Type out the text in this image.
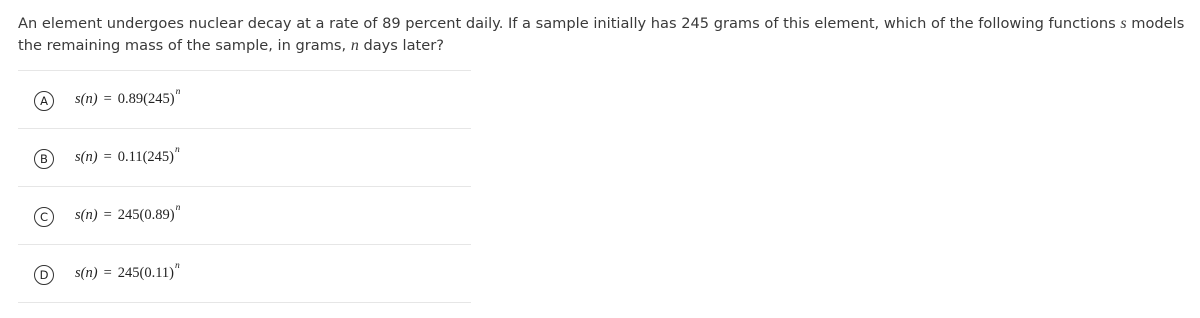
An element undergoes nuclear decay at a rate of 89 percent daily. If a sample initially has 245 grams of this element, which of the following functions s models the remaining mass of the sample, in grams, n days later?
A	$s(n) = 0.89(245)^n$
B	$s(n) = 0.11(245)^n$
C	$s(n) = 245(0.89)^n$
D	$s(n) = 245(0.11)^n$
